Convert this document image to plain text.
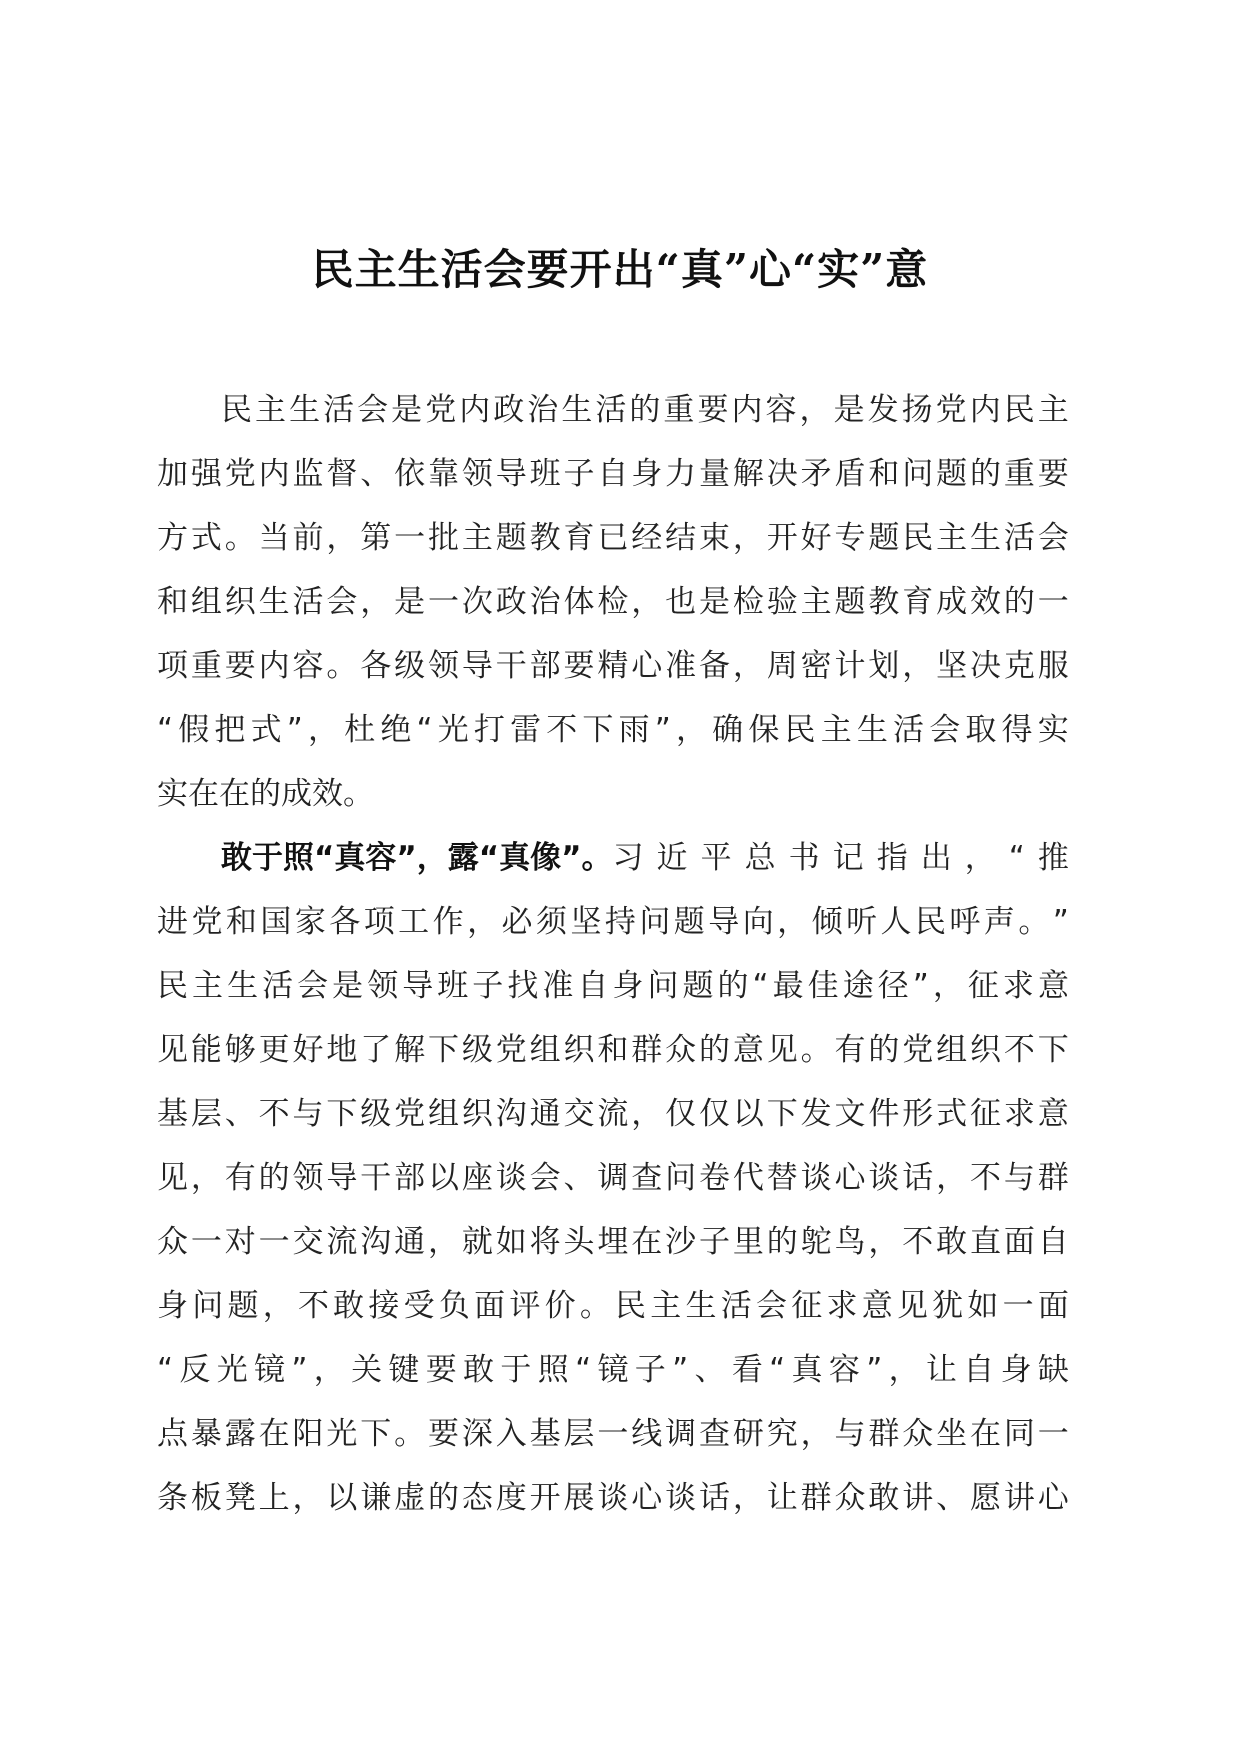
民主生活会要开出“真”心“实”意
民 主 生 活 会 是 党 内 政 治 生 活 的 重 要 内 容 ， 是 发 扬 党 内 民 主
加 强 党 内 监 督 、 依 靠 领 导 班 子 自 身 力 量 解 决 矛 盾 和 问 题 的 重 要
方 式 。 当 前 ， 第 一 批 主 题 教 育 已 经 结 束 ， 开 好 专 题 民 主 生 活 会
和 组 织 生 活 会 ， 是 一 次 政 治 体 检 ， 也 是 检 验 主 题 教 育 成 效 的 一
项 重 要 内 容 。 各 级 领 导 干 部 要 精 心 准 备 ， 周 密 计 划 ， 坚 决 克 服
“ 假 把 式 ” ， 杜 绝 “ 光 打 雷 不 下 雨 ” ， 确 保 民 主 生 活 会 取 得 实
实在在的成效。
敢于照“真容”，露“真像”。 习 近 平 总 书 记 指 出 ， “ 推
进 党 和 国 家 各 项 工 作 ， 必 须 坚 持 问 题 导 向 ， 倾 听 人 民 呼 声 。 ”
民 主 生 活 会 是 领 导 班 子 找 准 自 身 问 题 的 “ 最 佳 途 径 ” ， 征 求 意
见 能 够 更 好 地 了 解 下 级 党 组 织 和 群 众 的 意 见 。 有 的 党 组 织 不 下
基 层 、 不 与 下 级 党 组 织 沟 通 交 流 ， 仅 仅 以 下 发 文 件 形 式 征 求 意
见 ， 有 的 领 导 干 部 以 座 谈 会 、 调 查 问 卷 代 替 谈 心 谈 话 ， 不 与 群
众 一 对 一 交 流 沟 通 ， 就 如 将 头 埋 在 沙 子 里 的 鸵 鸟 ， 不 敢 直 面 自
身 问 题 ， 不 敢 接 受 负 面 评 价 。 民 主 生 活 会 征 求 意 见 犹 如 一 面
“ 反 光 镜 ” ， 关 键 要 敢 于 照 “ 镜 子 ” 、 看 “ 真 容 ” ， 让 自 身 缺
点 暴 露 在 阳 光 下 。 要 深 入 基 层 一 线 调 查 研 究 ， 与 群 众 坐 在 同 一
条 板 凳 上 ， 以 谦 虚 的 态 度 开 展 谈 心 谈 话 ， 让 群 众 敢 讲 、 愿 讲 心
